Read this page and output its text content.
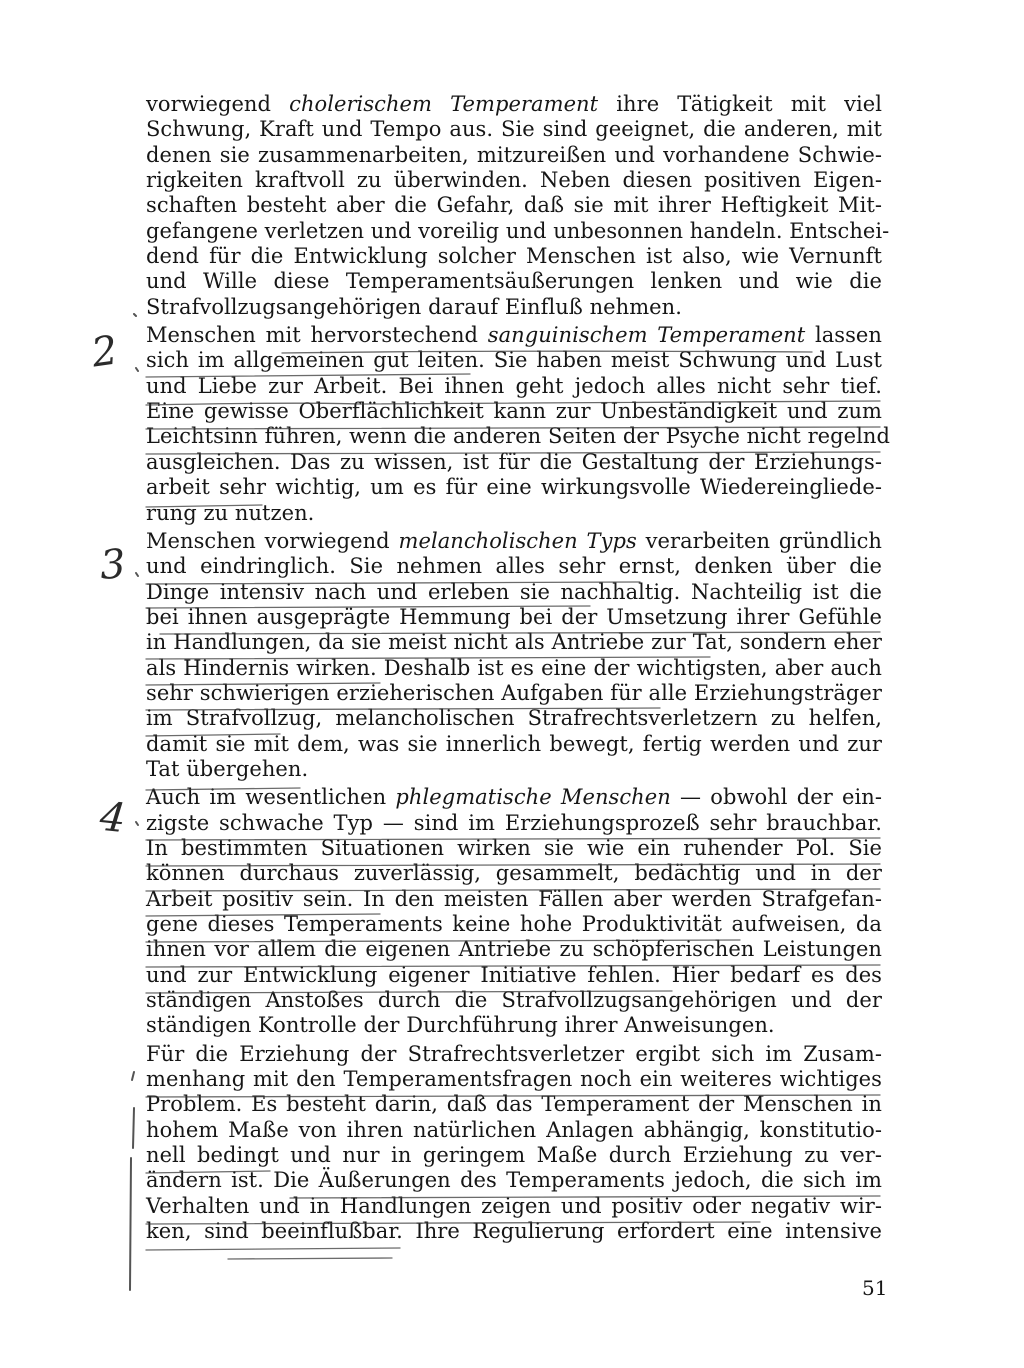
vorwiegend cholerischem Temperament ihre Tätigkeit mit viel
Schwung, Kraft und Tempo aus. Sie sind geeignet, die anderen, mit
denen sie zusammenarbeiten, mitzureißen und vorhandene Schwie-
rigkeiten kraftvoll zu überwinden. Neben diesen positiven Eigen-
schaften besteht aber die Gefahr, daß sie mit ihrer Heftigkeit Mit-
gefangene verletzen und voreilig und unbesonnen handeln. Entschei-
dend für die Entwicklung solcher Menschen ist also, wie Vernunft
und Wille diese Temperamentsäußerungen lenken und wie die
Strafvollzugsangehörigen darauf Einfluß nehmen.
Menschen mit hervorstechend sanguinischem Temperament lassen
sich im allgemeinen gut leiten. Sie haben meist Schwung und Lust
und Liebe zur Arbeit. Bei ihnen geht jedoch alles nicht sehr tief.
Eine gewisse Oberflächlichkeit kann zur Unbeständigkeit und zum
Leichtsinn führen, wenn die anderen Seiten der Psyche nicht regelnd
ausgleichen. Das zu wissen, ist für die Gestaltung der Erziehungs-
arbeit sehr wichtig, um es für eine wirkungsvolle Wiedereingliede-
rung zu nutzen.
Menschen vorwiegend melancholischen Typs verarbeiten gründlich
und eindringlich. Sie nehmen alles sehr ernst, denken über die
Dinge intensiv nach und erleben sie nachhaltig. Nachteilig ist die
bei ihnen ausgeprägte Hemmung bei der Umsetzung ihrer Gefühle
in Handlungen, da sie meist nicht als Antriebe zur Tat, sondern eher
als Hindernis wirken. Deshalb ist es eine der wichtigsten, aber auch
sehr schwierigen erzieherischen Aufgaben für alle Erziehungsträger
im Strafvollzug, melancholischen Strafrechtsverletzern zu helfen,
damit sie mit dem, was sie innerlich bewegt, fertig werden und zur
Tat übergehen.
Auch im wesentlichen phlegmatische Menschen — obwohl der ein-
zigste schwache Typ — sind im Erziehungsprozeß sehr brauchbar.
In bestimmten Situationen wirken sie wie ein ruhender Pol. Sie
können durchaus zuverlässig, gesammelt, bedächtig und in der
Arbeit positiv sein. In den meisten Fällen aber werden Strafgefan-
gene dieses Temperaments keine hohe Produktivität aufweisen, da
ihnen vor allem die eigenen Antriebe zu schöpferischen Leistungen
und zur Entwicklung eigener Initiative fehlen. Hier bedarf es des
ständigen Anstoßes durch die Strafvollzugsangehörigen und der
ständigen Kontrolle der Durchführung ihrer Anweisungen.
Für die Erziehung der Strafrechtsverletzer ergibt sich im Zusam-
menhang mit den Temperamentsfragen noch ein weiteres wichtiges
Problem. Es besteht darin, daß das Temperament der Menschen in
hohem Maße von ihren natürlichen Anlagen abhängig, konstitutio-
nell bedingt und nur in geringem Maße durch Erziehung zu ver-
ändern ist. Die Äußerungen des Temperaments jedoch, die sich im
Verhalten und in Handlungen zeigen und positiv oder negativ wir-
ken, sind beeinflußbar. Ihre Regulierung erfordert eine intensive
2
3
4
51
